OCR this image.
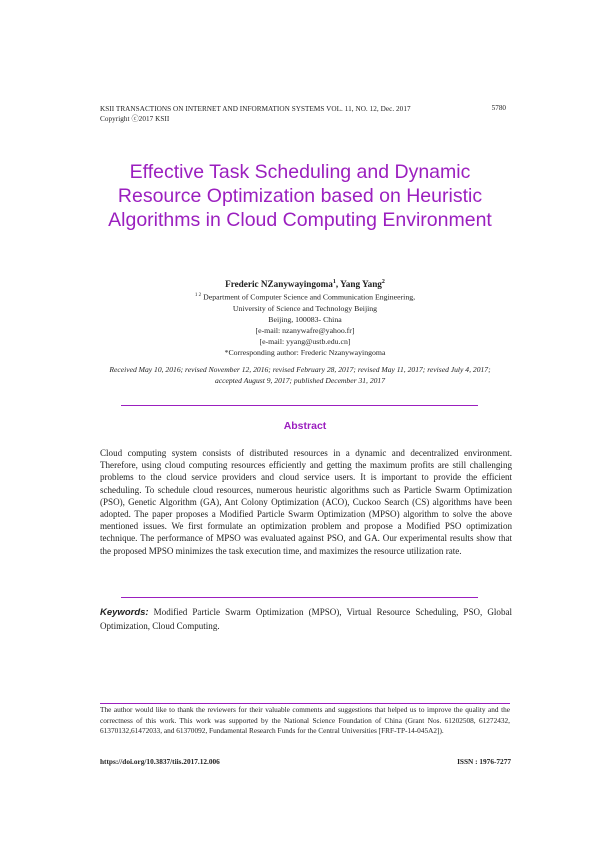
KSII TRANSACTIONS ON INTERNET AND INFORMATION SYSTEMS VOL. 11, NO. 12, Dec. 2017
Copyright ⓒ2017 KSII
5780
Effective Task Scheduling and Dynamic Resource Optimization based on Heuristic Algorithms in Cloud Computing Environment
Frederic NZanywayingoma$^1$, Yang Yang$^2$
$^{1 2}$ Department of Computer Science and Communication Engineering,
University of Science and Technology Beijing
Beijing, 100083- China
[e-mail: nzanywafre@yahoo.fr]
[e-mail: yyang@ustb.edu.cn]
*Corresponding author: Frederic Nzanywayingoma
Received May 10, 2016; revised November 12, 2016; revised February 28, 2017; revised May 11, 2017; revised July 4, 2017; accepted August 9, 2017; published December 31, 2017
Abstract
Cloud computing system consists of distributed resources in a dynamic and decentralized environment. Therefore, using cloud computing resources efficiently and getting the maximum profits are still challenging problems to the cloud service providers and cloud service users. It is important to provide the efficient scheduling. To schedule cloud resources, numerous heuristic algorithms such as Particle Swarm Optimization (PSO), Genetic Algorithm (GA), Ant Colony Optimization (ACO), Cuckoo Search (CS) algorithms have been adopted. The paper proposes a Modified Particle Swarm Optimization (MPSO) algorithm to solve the above mentioned issues. We first formulate an optimization problem and propose a Modified PSO optimization technique. The performance of MPSO was evaluated against PSO, and GA. Our experimental results show that the proposed MPSO minimizes the task execution time, and maximizes the resource utilization rate.
Keywords: Modified Particle Swarm Optimization (MPSO), Virtual Resource Scheduling, PSO, Global Optimization, Cloud Computing.
The author would like to thank the reviewers for their valuable comments and suggestions that helped us to improve the quality and the correctness of this work. This work was supported by the National Science Foundation of China (Grant Nos. 61202508, 61272432, 61370132,61472033, and 61370092, Fundamental Research Funds for the Central Universities [FRF-TP-14-045A2]).
https://doi.org/10.3837/tiis.2017.12.006	ISSN : 1976-7277
